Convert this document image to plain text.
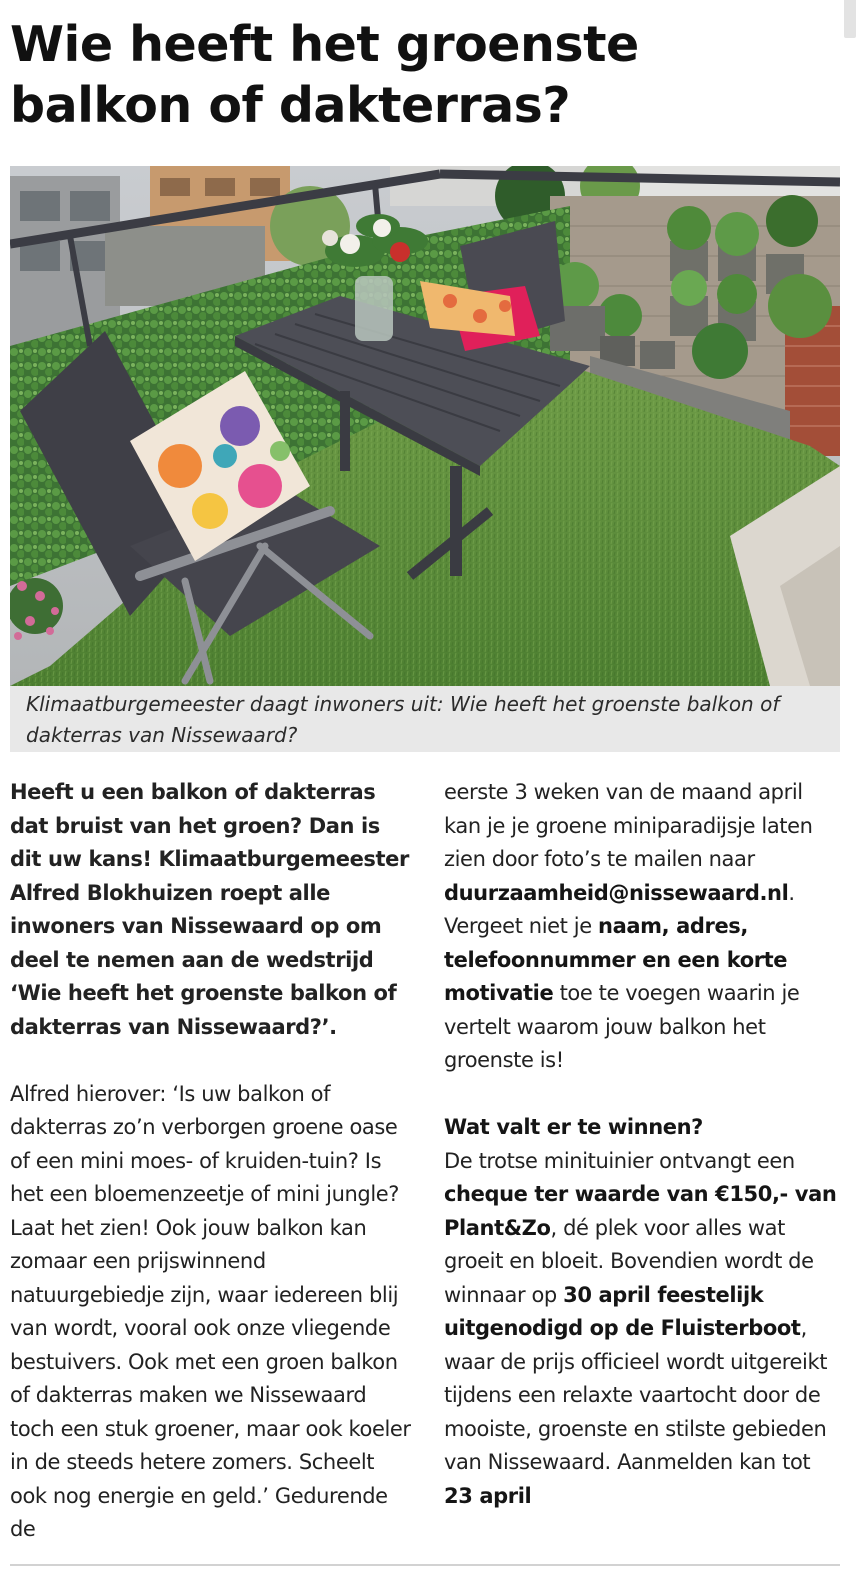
Wie heeft het groenste balkon of dakterras?
Klimaatburgemeester daagt inwoners uit: Wie heeft het groenste balkon of dakterras van Nissewaard?

Heeft u een balkon of dakterras dat bruist van het groen? Dan is dit uw kans! Klimaatburgemeester Alfred Blokhuizen roept alle inwoners van Nissewaard op om deel te nemen aan de wedstrijd ‘Wie heeft het groenste balkon of dakterras van Nissewaard?’.

Alfred hierover: ‘Is uw balkon of dakterras zo’n verborgen groene oase of een mini moes- of kruiden-tuin? Is het een bloemenzeetje of mini jungle? Laat het zien! Ook jouw balkon kan zomaar een prijswinnend natuurgebiedje zijn, waar iedereen blij van wordt, vooral ook onze vliegende bestuivers. Ook met een groen balkon of dakterras maken we Nissewaard toch een stuk groener, maar ook koeler in de steeds hetere zomers. Scheelt ook nog energie en geld.’ Gedurende de

eerste 3 weken van de maand april kan je je groene miniparadijsje laten zien door foto’s te mailen naar duurzaamheid@nissewaard.nl. Vergeet niet je naam, adres, telefoonnummer en een korte motivatie toe te voegen waarin je vertelt waarom jouw balkon het groenste is!

Wat valt er te winnen?

De trotse minituinier ontvangt een cheque ter waarde van €150,- van Plant&Zo, dé plek voor alles wat groeit en bloeit. Bovendien wordt de winnaar op 30 april feestelijk uitgenodigd op de Fluisterboot, waar de prijs officieel wordt uitgereikt tijdens een relaxte vaartocht door de mooiste, groenste en stilste gebieden van Nissewaard. Aanmelden kan tot 23 april
